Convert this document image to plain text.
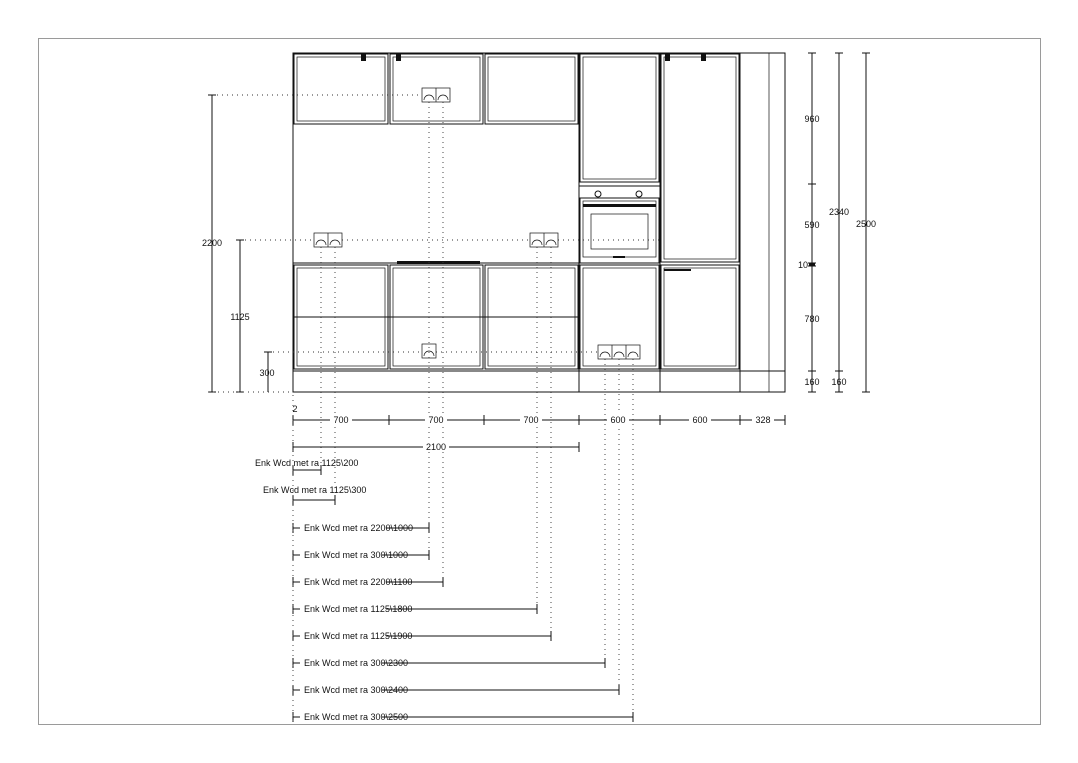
2200
1125
300
960
590
10
780
160
2340
160
2500
2
700	700	700	600	600	328
2100
Enk Wcd met ra 1125\200
Enk Wcd met ra 1125\300
Enk Wcd met ra 2200\1000
Enk Wcd met ra 300\1000
Enk Wcd met ra 2200\1100
Enk Wcd met ra 1125\1800
Enk Wcd met ra 1125\1900
Enk Wcd met ra 300\2300
Enk Wcd met ra 300\2400
Enk Wcd met ra 300\2500
